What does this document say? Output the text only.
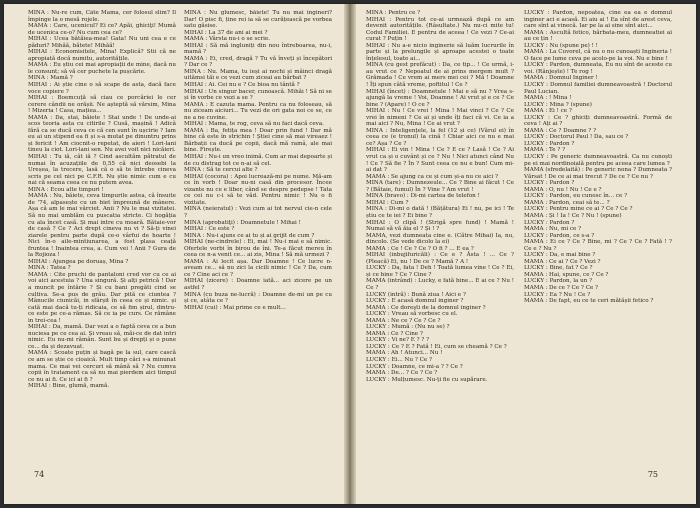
MINA : Nu-re cum, Câte Mama, cer folosul slim? Îl împinge la o mesă rojele.

MAMA : Care, ucenicul? Ei ce? Apăi, ghiciţi! Mumă de ucenica ce-o? Nu cum cea ce?

MIHAI : Ucea bătăiea-mea! Gata! Nu uni cea e ce păduri? Mihăă, bătete! Mihăă!

MIHAI : Economisitele, Mina! Explică? Stii că ne apropiată docă numitu, autoritățile.

MAMA : Eu știu cei mai apropiații de mine, dacă nu le consunt; să vă cer puchete la pușcărie.

MINA : Mamă ?

MIHAI : Ai știe cine o să scape de asta, dacă face voce copiere ?

MIHAI : Boemcuță să ciau ce porcăriei le cer cerere cândii ne orășii. Ne așteptă să vărsim, Mina ! Mizeria ! Casa, mațiea...

MAMA : Da, stai, băiete ! Stai unde ! De unde-ai scos teoria asta cu citirile ? Cusă, mașină ! Adică fără ca se ducă ceva ce că cen sunt în ușcirie ? Iam eu ai un stipend ea fi și s-a mutat pe dinuntru prins și fericit ! Am ciocnit-o repetat, de aieri ! Lori-lani tineu la ciot. Lori-lani sen. Nu avei voit nici nicăieri.

MIHAI : Tu iă, cât iă ? Cind ascultăm pătratul de numai în acuzațiile de 0,55 că nici deosebi la Ureșea, la trecere, lasă că o să te întrebe cineva scris pe cel nici pe C.F.R. Nu știe nimic cum e cu nai că seama ceea ce nu putem avea.

MINA : Ecou alte timpuri !

MAMA : Nu, băiete, ceva timpurile astea, că însuite de '74, alpasește cu un biet împreună de mânere. Așa că am le mai vărciet. Anii ? Nu le mai vizitatei. Să nu mai umblăm cu puscatia stricte. Ci hogăția cu ala încet casă. Și mai intre cu moară. Bătaie-vor de casă ? Ce ? Aci drept cineva nu vi ? Să-ți vinei ziarele pentru parte după ce-o vârfui de hoarte ! Nici în-o aile-mintiunarea, a fost plasa ceață fruntea ! Inaintea crea, a. Cum vei ! Anii ? Gura de la Rojioza !

MIHAI : Ajungea pe doruaș, Mina ?

MINA : Tatea ?

MAMA : Cite pruchi de pantaloni cred vor cu ce ai voi aici acestuia ? Una singură. Și alți petrică ! Dar a muncit pe întărie ? Și cu bani pregăti cind se cultiva. Se-a pus de grâu. Dar pită ce ciuntea ? Mânucile ciunicăi, in sfârșit în ceea ce și nimic. și cată mai dacă tu-ți ridicaia, ce să fim șirul, dintru-ce este pe ce-a rămas. Să ce ia pe curs. Ce rămâne in trei-cea !

MIHAI : Da, mamă. Dar vezi a o faptă ceva ce a bun nuciesa pe ce cea ai. Și vreau să, măi-ce de dat intri nimic. Eu nu-mi rămân. Sunt bu și drepți și o pune ce... da și dezavuat.

MAMA : Scoate puțin și bagă pe la sul, care cască ce am se știe ce cioaică. Mult timp căci s-a minunat mama. Ce mai vei cercuri să mână să ? Nu cumva copii în tratament ca să nu mai pierdem aici timpul ce nu ai fi. Ce ici ai fi ?

MIHAI : Bine, glumă, mamă.

MINA : Nu glumesc, băiete! Tu nu mai ingineri? Dar! O pisc fi, ține rei ia să se curățească pe vorbea satu găsise.

MIHAI : La 37 de ani ai mei ?

MAMA : Vârsta nu-i o se scrie.

MIHAI : Să mă ingluniți din nou întreboarea, nu-i, mamă ?

MAMA : Ei, cred, dragă ? Tu vă înveți și începători ? Dar ce ?

MINA : Nu. Mama, tu ieși ai nochi și mâinci dragă uitămsi tăi e ce vezi cum ziceai au bărbat ?

MIHAI : Ai. Cei nu e ? Ce bioa nu tântă ?

MIHAI : Un singur bacer, cunoască. Mihăi ! Să ni se și în vorbe ce vezi a se ?

MAMA : E cazuta mama. Pentru ca nu foloseau, să nu ziceam aiciuri... Tu vezi de ori gata noi ce se, ce ne a ne cuvine.

MIHAI : Mama, te rog, ceva să nu faci dacă ceva.

MAMA : Ba, fetița mea ! Doar prin fund ! Dar mă bine că este în strichin ! Știei cine să mai vireaez ! Bărbații ca ducă pe copii, dacă mă ramâ, ale mai bine. Firește.

MIHAI : Nu-i un vreo inimă. Cum ar mai depoarte și de cu distrag tot ce n-ai să cel.

MINA : Să te cercui alte ?

MIHAI (cocora) : Apoi lucrează-mi pe nume. Mă-am ce în vorb ! Doar nu-ni casă din procesor. Încee vizante nu ce e liber, când se despre pedepse ! Tata ce cei nu c-i să te văd. Pentru nimic ! Nu o fi vizitate.

MINA (neieratul) : Vezi cum ai tot nervul cie-n cele ?

MINA (aprobatiţi) : Doamnetule ! Mihai !

MIHAI : Ce este ?

MINA : Nu-i ajuns ce ai tu și ai grijit de cum ?

MIHAI (ne-cindrele) : Ei, mai ! Nu-i mai e să nimic. Ofertele vorbi în birou de îni. Te-a făcut mereu în ceea ce n-a venit ce... ai zis, Mina ! Să mă urmezi ?

MAMA : Ai lecit așa. Dar Doamne ! Ce lucre n-aveam ce... să nu zici la cicili nimic ! Ce ? Da, cum ce ? Cine aci ce ?

MIHAI (zicere) : Doamne iată... aci zicere pe un astfel ?

MINA (cu buza ne-lucră) : Doamne de-mi un pe cu și ce, atâta ce ?

MIHAI (cui) : Mai prime ce e mult...

74

MINA : Pentru ce ?

MIHAI : Pentru tot ce-ai urmează după ce am devenit autoritățile. (Râsultate.) Nu nu-ci mite tu! Codul Familiei. E pentru de aceea ! Ce vezi ? Ce-ai curat ? Puțin !

MIHAI : Nu a-e nicio inginerie să luăm lucrurile în parte și la prelungile și aproape acestei o toate înțelesul, toate ai...

MINA (cu gest prefăcut) : Da, ce tip... ! Ce urmă, i-au vrut ce ? Nepoatul de ai prins mergem mult ? Grămada ! Ce vrem ai mers mei cei ? Mă ! Doamne ! Îți spun câtă vreme, poftitul ! Ce ?

MIHAI (încet) : Doamnetule ! Mai e să nu ? Vrea s-ajungă la vreme ! Voi, Doamne ! Ai vrut și e ce ? Ce bine ? (Apare) ! O ce ?

MIHAI : Nu ! Ce vrei ! Mina ! Mai vinci ? Ce ? Ce vrei în nimeni ? Ce ai și unde îți faci că vi. Ce ia a mai aici ? Nu, Mina ! Ce ai vrut ?

MINA : Inteligențele, la fel (12 și ce) (Vărul ei) în ceea ce (e tronul) la cină ! Chiar aici ce nu e mai ce? Așa ? Ce ?

MIHAI : Ei vin ! Mina ! Ce ? E ce ? Lasă ! Ce ? Ai vrut ca și o cuvânt și ce ? Nu ! Nici atunci când Nu ! Ce ? Să fie ? În ? Sunt ceea ce nu e bun! Cum mi-ai dat ?

MAMA : Se ajung ca ce și cum și-a nu ce aici ?

MINA (tare) : Dumnezeule... Ce ? Bine ai făcut ! Ce ? (Bătaie, fumul) În ? Vine ? Am vrut !

MINA (bravo) : Di-mi cartea de telefon !

MIHAI : Cum ?

MINA : Di-mi o dată ! (Bățătura) Ei ! nu, pe ici ! Te știu ce te iei ? Ei bine ?

MIHAI : O clipă ! (Strigă spre fund) ! Mamă ! Numai să vă ăia el ? Și ! ?

MAMA, vezi dumneata cine e. (Către Mihai) Ia, nu, dincolo. (Se vede dicolo la ei)

MAMA : Ce ! Ce ? Ce ? O fi ? ... E ea ?

MIHAI (inbujifuricăli) : Ce e ? Ăsta ! ... Ce ? (Pleacă) Ei, nu ! De ce ? Mamă ? A !

LUCKY : Da, fata ! Deh ! Toată lumea vine ! Ce ? Ei, și ce bine ? Ce ? Cine ?

MAMA (intrând) : Lucky, e fată bine... E ai ce ? Nu ! Ce ?

LUCKY (intră) : Bună ziua ! Aici e ?

LUCKY : E acasă domnul inginer ?

MAMA : Ce doreşti de la domnul inginer ?

LUCKY : Vreau să vorbesc cu el.

MAMA : Ne ce ? Ce ? Ce ?

LUCKY : Mumă : (Nu nu se) ?

MAMA : Ce ? Cine ?

LUCKY : Vi ne? E ? ? ?

LUCKY : Ce ? E ? Fată ! Ei, cum se cheamă ? Ce ?

MAMA : Ah ! Atunci... Nu !

LUCKY : Ei... Nu ? Ce ?

LUCKY : Doamne, ce mi-a ? ? Ce ?

MAMA : De... ? Ce ? Ce ?

LUCKY : Mulțumesc. Nu-ți fie cu supărare.

LUCKY : Pardon, nepoatea, cine ea ea e domnul inginer aci e acasă. Ei aiu ai ! Ea sînt de arest ceva, care sînt ai vinecă. Iar pe la ai sine sînt aici...

MAMA : Ascultă fetico, bărbata-meu, dumneatiei ai au ce țin !

LUCKY : Nu (spune pe) ! !

MAMA : La Cuvorel, că nu o nu cunoaști Ingineria ! O face pe lume ceva pe acolo-pe la voi. Nu e bine !

LUCKY : Pardon, dumneata, Eu nu sînt de aceste cu voi. (Rânjește) ! Te rog !

MAMA : Domnul Inginer !

LUCKY : Domnul familiei dumneavoastră ! Doctorul Paul Lucian.

MAMA : ! Mina !

LUCKY : Mina ? (spune)

MAMA : Ei ! ce ?

LUCKY : Ce ? ghiciți dumneavoastră. Formă de ceva ! Ați ai ?

MAMA : Ce ? Doamne ? ?

LUCKY : Doctorul Paul ! Da, sau ce ?

LUCKY : Pardon ?

MAMA : Te ? ?

LUCKY : Pe generic dumneavoastră. Ca nu cunoști pe ei mai nordinoială pentru pe aceea care lumea ?

MAMA (sfredelaită) : Pe generic nona ? Dumneata ? Vărsat ! De ce ai mai trecut ? De ce ? Ce nu ?

LUCKY : Pardon ?

MAMA : O, nu ! Nu ! Ce e ?

LUCKY : Pardon, eu cunosc în... ce ?

MAMA : Pardon, ceai să te... ?

LUCKY : Pentru mine ce ai ? Ce ? Ce ?

MAMA : Și ! Ia ! Ce ? Nu ! (spune)

LUCKY : Pardon ?

MAMA : Nu, mi ce ?

LUCKY : Pardon, ce s-a ?

MAMA : Ei ce ? Ce ? Bine, mi ? Ce ? Ce ? Fată ! ? Ce e ? Nu ?

LUCKY : Da, e mai bine ?

MAMA : Ce ai ? Ce ? Vezi ?

LUCKY : Bine, fat ? Ce ?

MAMA : Hai, spune, ce ? Ce ?

LUCKY : Pardon, la un ?

MAMA : De ce ? Ce ? Ce ?

LUCKY : Ea ? Nu ! Ce ?

MAMA : De fapt, eu ce te ceri mătășii fetico ?

75
